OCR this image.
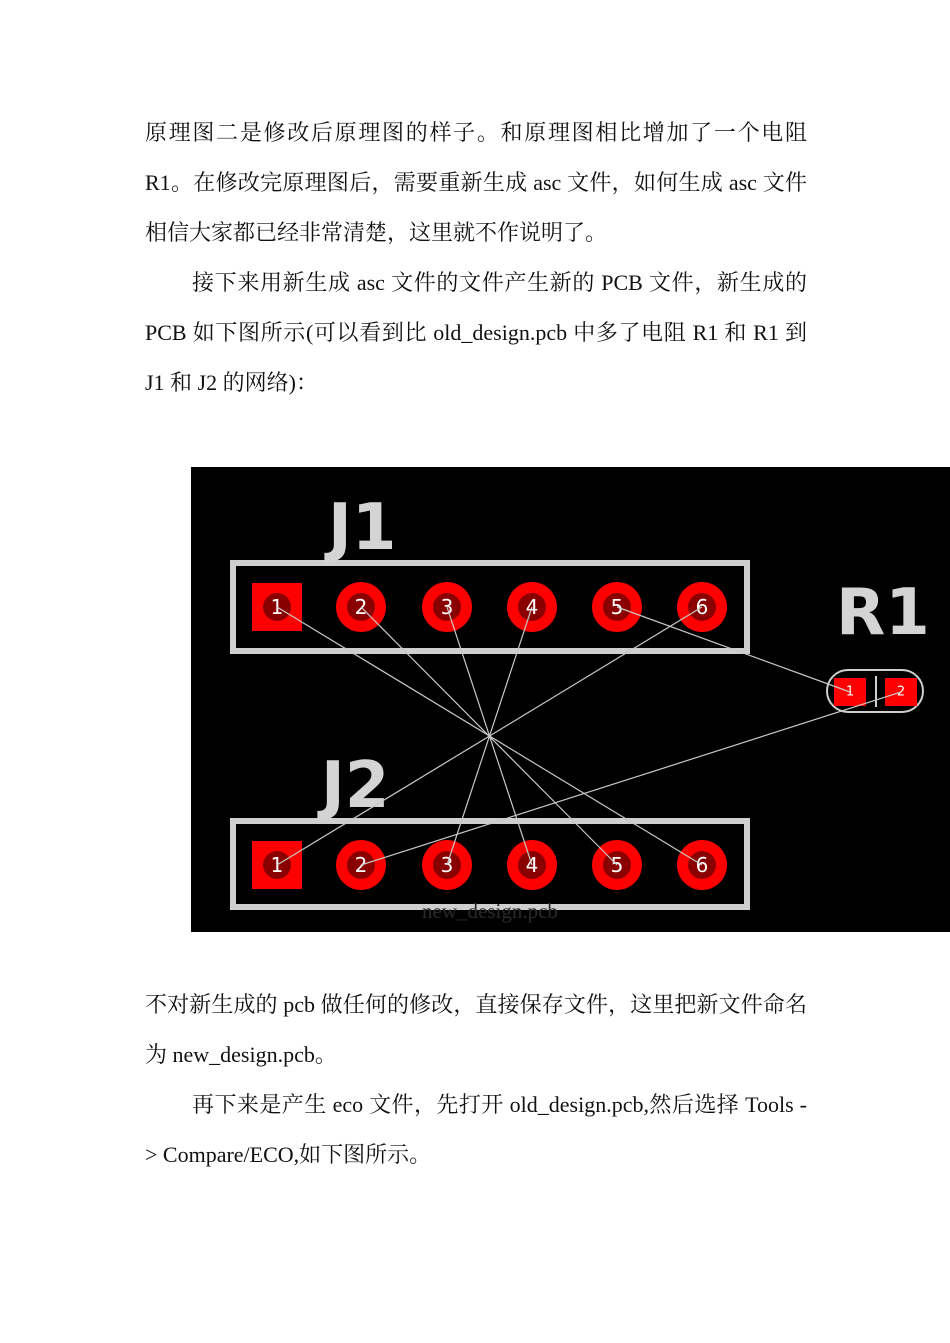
原理图二是修改后原理图的样子。和原理图相比增加了一个电阻R1。在修改完原理图后，需要重新生成 asc 文件，如何生成 asc 文件相信大家都已经非常清楚，这里就不作说明了。

接下来用新生成 asc 文件的文件产生新的 PCB 文件，新生成的 PCB 如下图所示(可以看到比 old_design.pcb 中多了电阻 R1 和 R1 到 J1 和 J2 的网络)：

J1
J2
R1
1	2	3	4	5	6
1	2	3	4	5	6
1	2
new_design.pcb

不对新生成的 pcb 做任何的修改，直接保存文件，这里把新文件命名为 new_design.pcb。

再下来是产生 eco 文件，先打开 old_design.pcb,然后选择 Tools -> Compare/ECO,如下图所示。
